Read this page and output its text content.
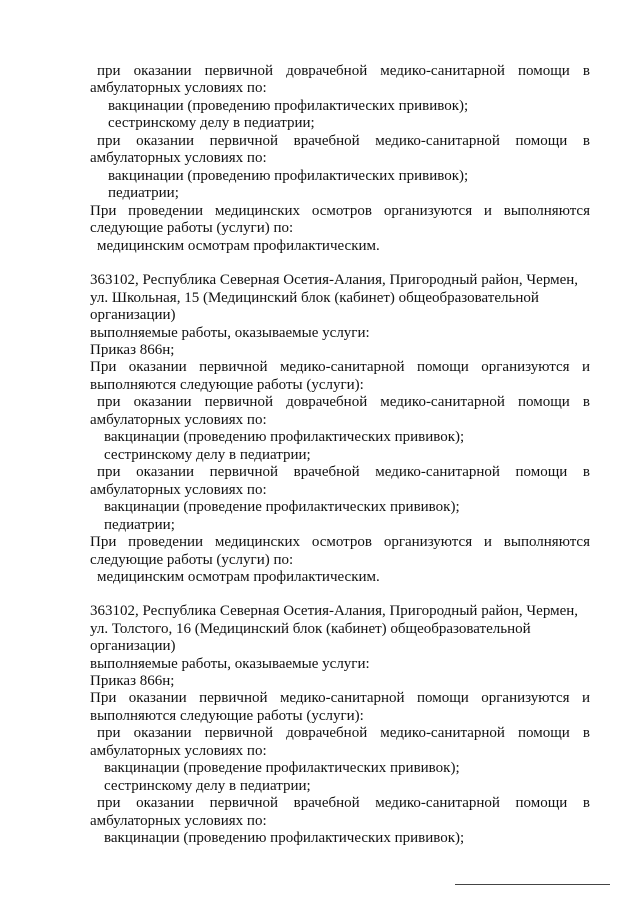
при оказании первичной доврачебной медико-санитарной помощи в

амбулаторных условиях по:

вакцинации (проведению профилактических прививок);

сестринскому делу в педиатрии;

при оказании первичной врачебной медико-санитарной помощи в

амбулаторных условиях по:

вакцинации (проведению профилактических прививок);

педиатрии;

При проведении медицинских осмотров организуются и выполняются

следующие работы (услуги) по:

медицинским осмотрам профилактическим.

363102, Республика Северная Осетия-Алания, Пригородный район, Чермен,

ул. Школьная, 15 (Медицинский блок (кабинет) общеобразовательной

организации)

выполняемые работы, оказываемые услуги:

Приказ 866н;

При оказании первичной медико-санитарной помощи организуются и

выполняются следующие работы (услуги):

при оказании первичной доврачебной медико-санитарной помощи в

амбулаторных условиях по:

вакцинации (проведению профилактических прививок);

сестринскому делу в педиатрии;

при оказании первичной врачебной медико-санитарной помощи в

амбулаторных условиях по:

вакцинации (проведение профилактических прививок);

педиатрии;

При проведении медицинских осмотров организуются и выполняются

следующие работы (услуги) по:

медицинским осмотрам профилактическим.

363102, Республика Северная Осетия-Алания, Пригородный район, Чермен,

ул. Толстого, 16 (Медицинский блок (кабинет) общеобразовательной

организации)

выполняемые работы, оказываемые услуги:

Приказ 866н;

При оказании первичной медико-санитарной помощи организуются и

выполняются следующие работы (услуги):

при оказании первичной доврачебной медико-санитарной помощи в

амбулаторных условиях по:

вакцинации (проведение профилактических прививок);

сестринскому делу в педиатрии;

при оказании первичной врачебной медико-санитарной помощи в

амбулаторных условиях по:

вакцинации (проведению профилактических прививок);
